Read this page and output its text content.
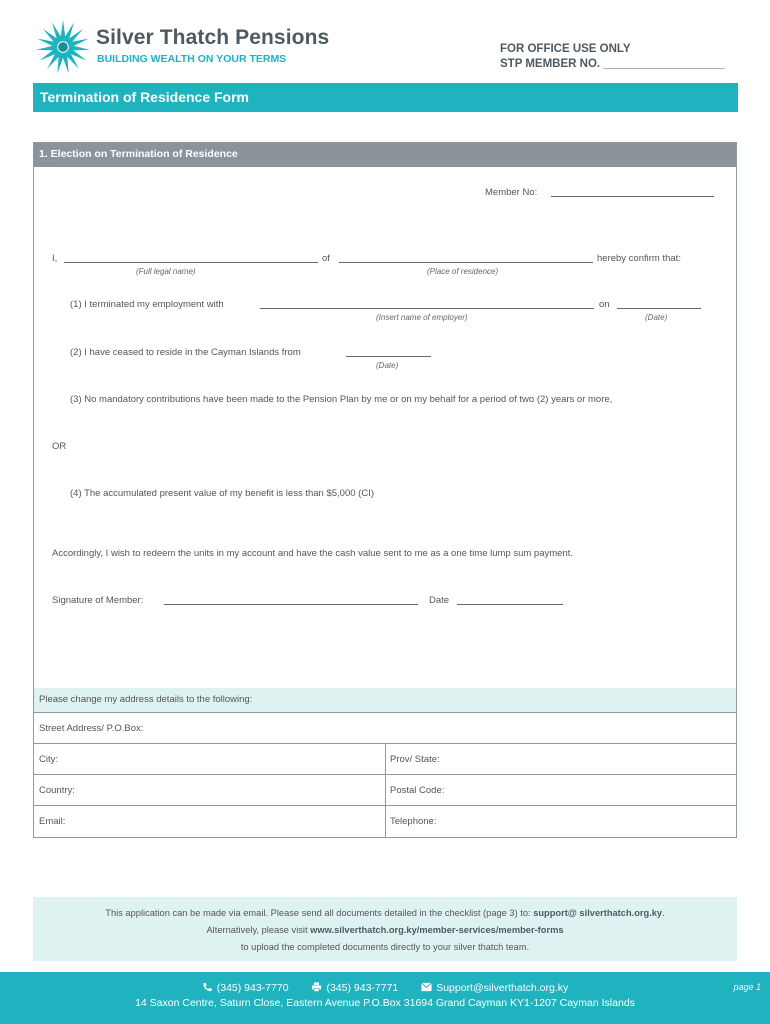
Silver Thatch Pensions
BUILDING WEALTH ON YOUR TERMS
FOR OFFICE USE ONLY
STP MEMBER NO. ___________________
Termination of Residence Form
1. Election on Termination of Residence
Member No:
I,	of	hereby confirm that:
(Full legal name)	(Place of residence)
(1) I terminated my employment with	on
(Insert name of employer)	(Date)
(2) I have ceased to reside in the Cayman Islands from
(Date)
(3) No mandatory contributions have been made to the Pension Plan by me or on my behalf for a period of two (2) years or more,
OR
(4) The accumulated present value of my benefit is less than $5,000 (CI)
Accordingly, I wish to redeem the units in my account and have the cash value sent to me as a one time lump sum payment.
Signature of Member:	Date
Please change my address details to the following:
Street Address/ P.O.Box:
City:	Prov/ State:
Country:	Postal Code:
Email:	Telephone:
This application can be made via email. Please send all documents detailed in the checklist (page 3) to: support@ silverthatch.org.ky.
Alternatively, please visit www.silverthatch.org.ky/member-services/member-forms
to upload the completed documents directly to your silver thatch team.
(345) 943-7770	(345) 943-7771	Support@silverthatch.org.ky
14 Saxon Centre, Saturn Close, Eastern Avenue P.O.Box 31694 Grand Cayman KY1-1207 Cayman Islands
page 1
